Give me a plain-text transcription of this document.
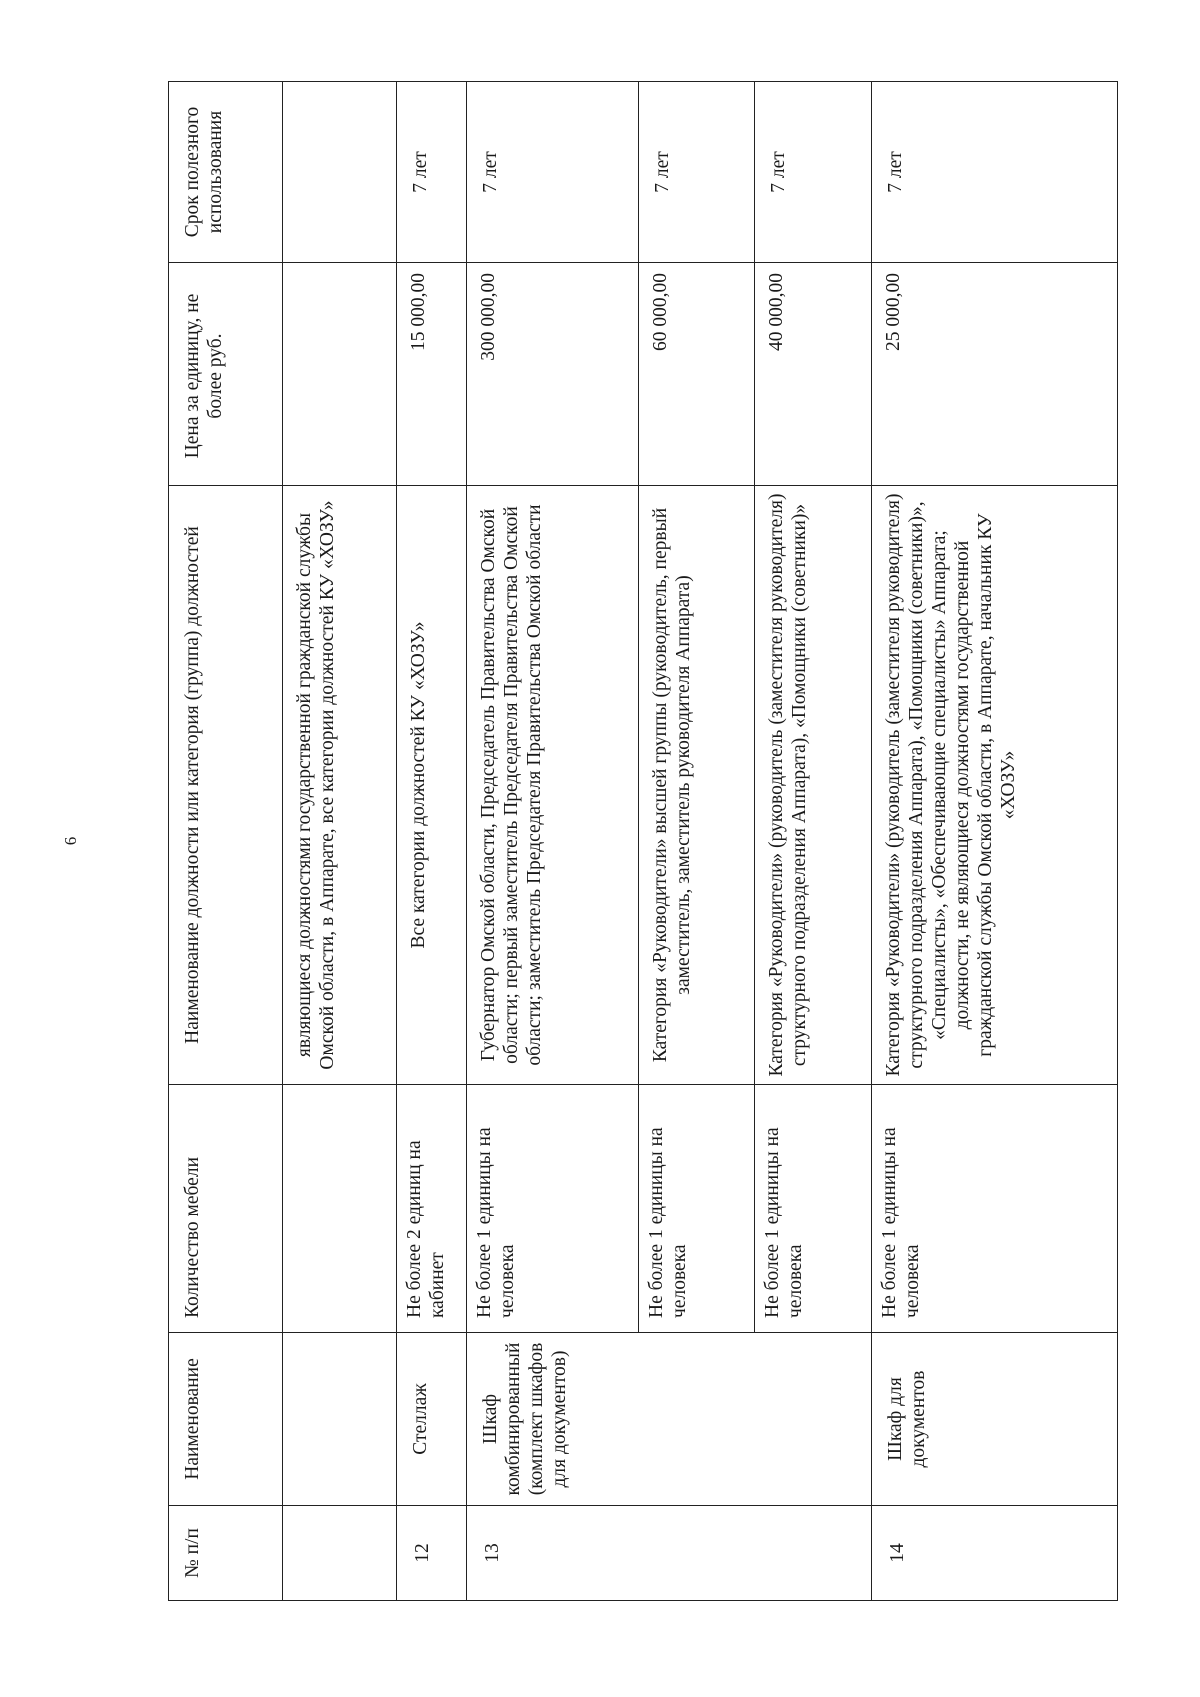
6
№ п/п	Наименование	Количество мебели	Наименование должности или категория (группа) должностей	Цена за единицу, не более руб.	Срок полезного использования
			являющиеся должностями государственной гражданской службы Омской области, в Аппарате, все категории должностей КУ «ХОЗУ»		
12	Стеллаж	Не более 2 единиц на кабинет	Все категории должностей КУ «ХОЗУ»	15 000,00	7 лет
13	Шкаф комбинированный (комплект шкафов для документов)	Не более 1 единицы на человека	Губернатор Омской области, Председатель Правительства Омской области; первый заместитель Председателя Правительства Омской области; заместитель Председателя Правительства Омской области	300 000,00	7 лет
		Не более 1 единицы на человека	Категория «Руководители» высшей группы (руководитель, первый заместитель, заместитель руководителя Аппарата)	60 000,00	7 лет
		Не более 1 единицы на человека	Категория «Руководители» (руководитель (заместителя руководителя) структурного подразделения Аппарата), «Помощники (советники)»	40 000,00	7 лет
14	Шкаф для документов	Не более 1 единицы на человека	Категория «Руководители» (руководитель (заместителя руководителя) структурного подразделения Аппарата), «Помощники (советники)», «Специалисты», «Обеспечивающие специалисты» Аппарата; должности, не являющиеся должностями государственной гражданской службы Омской области, в Аппарате, начальник КУ «ХОЗУ»	25 000,00	7 лет
